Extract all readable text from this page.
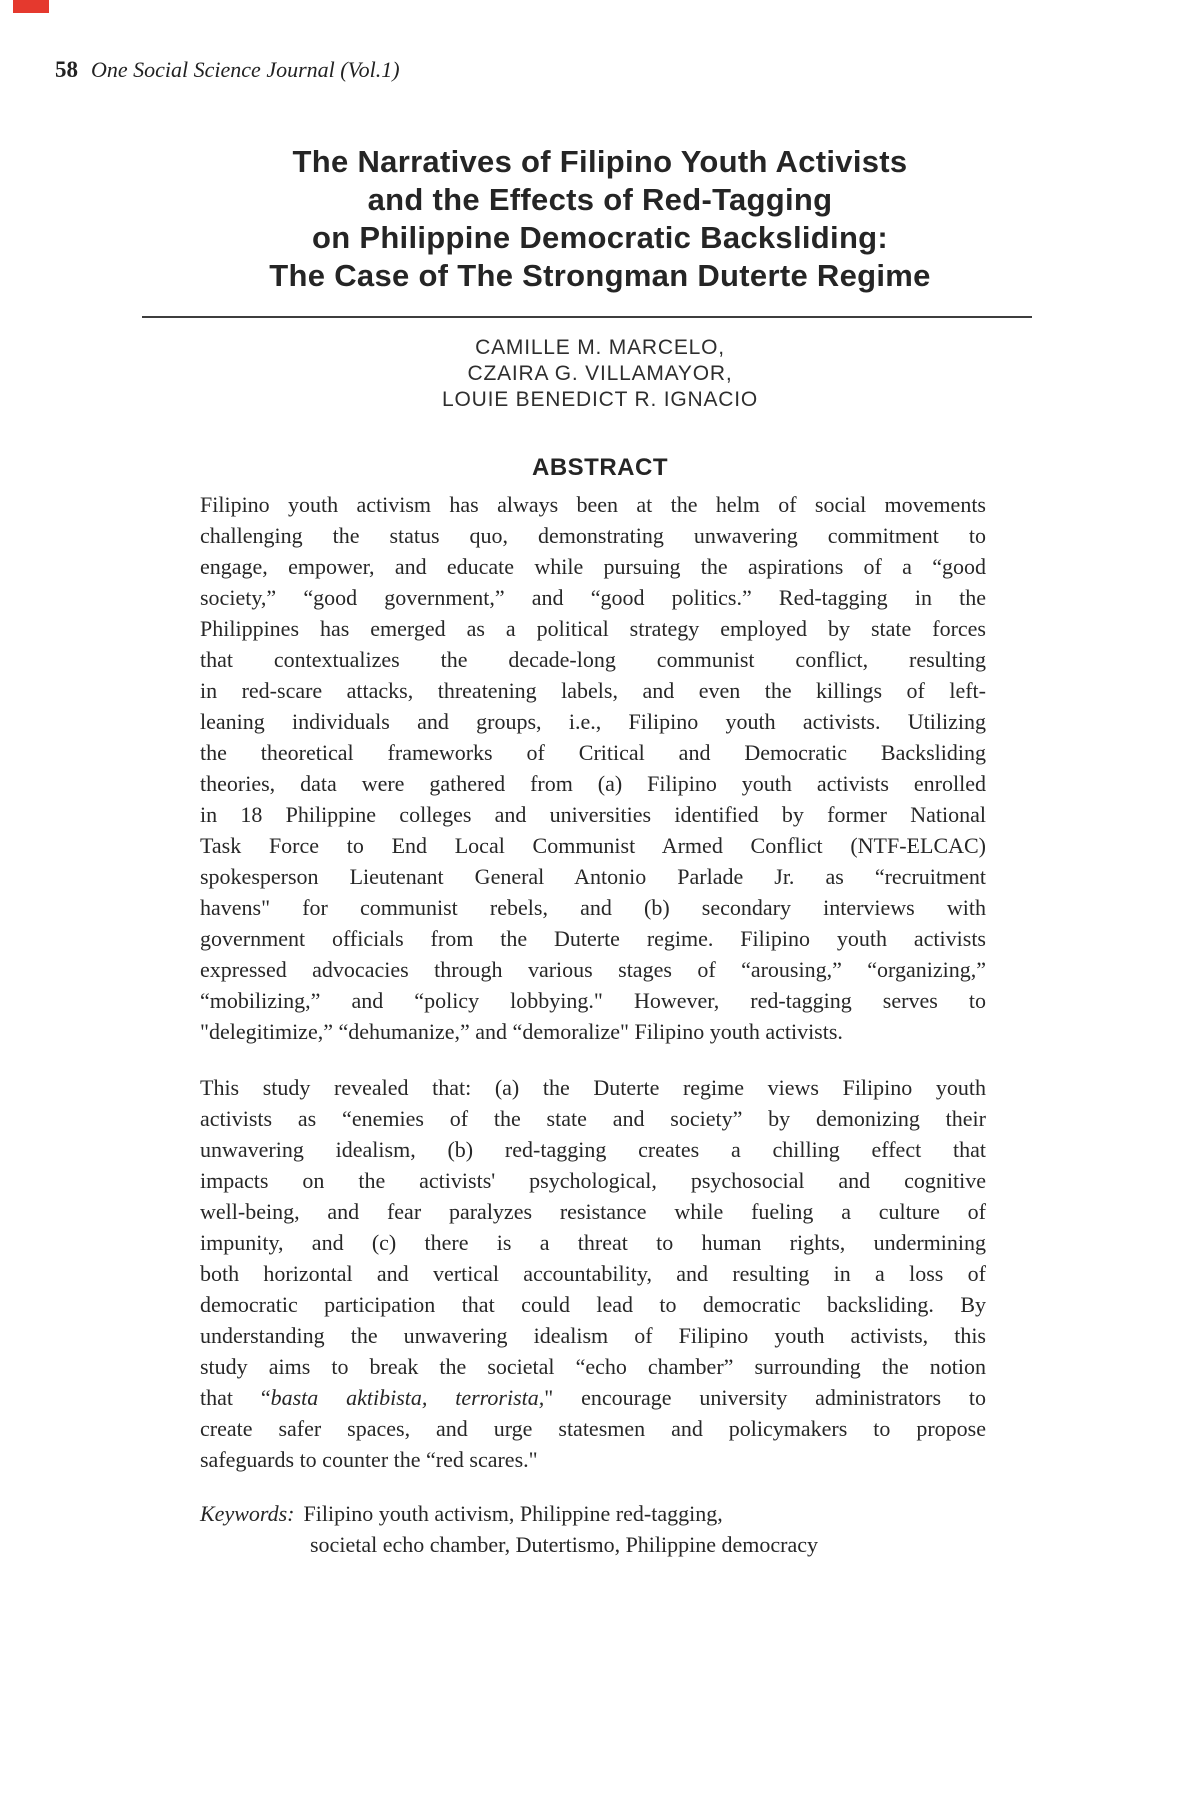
58 One Social Science Journal (Vol.1)
The Narratives of Filipino Youth Activists
and the Effects of Red-Tagging
on Philippine Democratic Backsliding:
The Case of The Strongman Duterte Regime
CAMILLE M. MARCELO,
CZAIRA G. VILLAMAYOR,
LOUIE BENEDICT R. IGNACIO
ABSTRACT
Filipino youth activism has always been at the helm of social movements
challenging the status quo, demonstrating unwavering commitment to
engage, empower, and educate while pursuing the aspirations of a “good
society,” “good government,” and “good politics.” Red-tagging in the
Philippines has emerged as a political strategy employed by state forces
that contextualizes the decade-long communist conflict, resulting
in red-scare attacks, threatening labels, and even the killings of left-
leaning individuals and groups, i.e., Filipino youth activists. Utilizing
the theoretical frameworks of Critical and Democratic Backsliding
theories, data were gathered from (a) Filipino youth activists enrolled
in 18 Philippine colleges and universities identified by former National
Task Force to End Local Communist Armed Conflict (NTF-ELCAC)
spokesperson Lieutenant General Antonio Parlade Jr. as “recruitment
havens" for communist rebels, and (b) secondary interviews with
government officials from the Duterte regime. Filipino youth activists
expressed advocacies through various stages of “arousing,” “organizing,”
“mobilizing,” and “policy lobbying." However, red-tagging serves to
"delegitimize,” “dehumanize,” and “demoralize" Filipino youth activists.
This study revealed that: (a) the Duterte regime views Filipino youth
activists as “enemies of the state and society” by demonizing their
unwavering idealism, (b) red-tagging creates a chilling effect that
impacts on the activists' psychological, psychosocial and cognitive
well-being, and fear paralyzes resistance while fueling a culture of
impunity, and (c) there is a threat to human rights, undermining
both horizontal and vertical accountability, and resulting in a loss of
democratic participation that could lead to democratic backsliding. By
understanding the unwavering idealism of Filipino youth activists, this
study aims to break the societal “echo chamber” surrounding the notion
that “basta aktibista, terrorista," encourage university administrators to
create safer spaces, and urge statesmen and policymakers to propose
safeguards to counter the “red scares."
Keywords: Filipino youth activism, Philippine red-tagging,
societal echo chamber, Dutertismo, Philippine democracy
